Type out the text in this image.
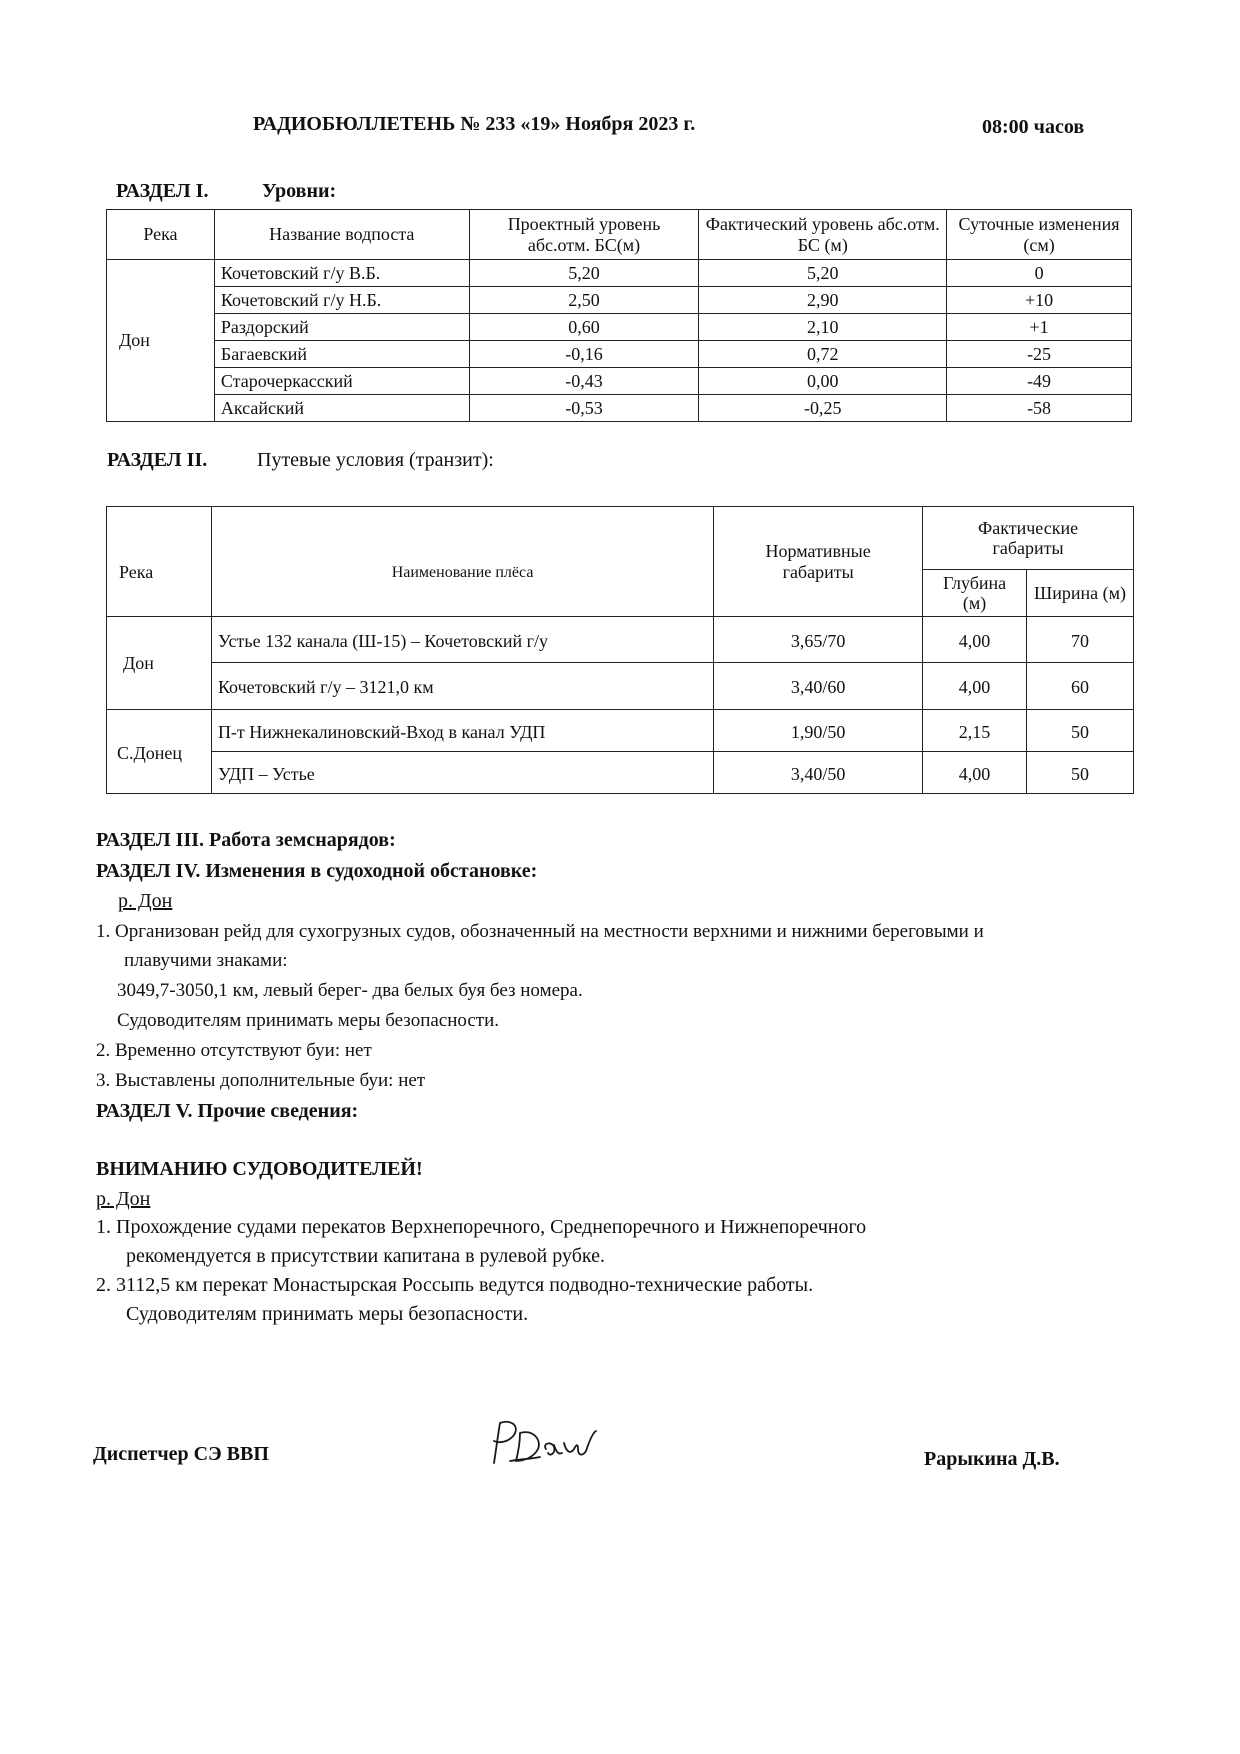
РАДИОБЮЛЛЕТЕНЬ № 233 «19» Ноября 2023 г.	08:00 часов
РАЗДЕЛ I.	Уровни:
Река	Название водпоста	Проектный уровень абс.отм. БС(м)	Фактический уровень абс.отм. БС (м)	Суточные изменения (см)
Дон	Кочетовский г/у В.Б.	5,20	5,20	0
	Кочетовский г/у Н.Б.	2,50	2,90	+10
	Раздорский	0,60	2,10	+1
	Багаевский	-0,16	0,72	-25
	Старочеркасский	-0,43	0,00	-49
	Аксайский	-0,53	-0,25	-58
РАЗДЕЛ II. Путевые условия (транзит):
Река	Наименование плёса	Нормативные габариты	Фактические габариты	
			Глубина (м)	Ширина (м)
Дон	Устье 132 канала (Ш-15) – Кочетовский г/у	3,65/70	4,00	70
	Кочетовский г/у – 3121,0 км	3,40/60	4,00	60
С.Донец	П-т Нижнекалиновский-Вход в канал УДП	1,90/50	2,15	50
	УДП – Устье	3,40/50	4,00	50
РАЗДЕЛ III. Работа земснарядов:
РАЗДЕЛ IV. Изменения в судоходной обстановке:
р. Дон
1. Организован рейд для сухогрузных судов, обозначенный на местности верхними и нижними береговыми и
плавучими знаками:
3049,7-3050,1 км, левый берег- два белых буя без номера.
Судоводителям принимать меры безопасности.
2. Временно отсутствуют буи: нет
3. Выставлены дополнительные буи: нет
РАЗДЕЛ V. Прочие сведения:
ВНИМАНИЮ СУДОВОДИТЕЛЕЙ!
р. Дон
1. Прохождение судами перекатов Верхнепоречного, Среднепоречного и Нижнепоречного
рекомендуется в присутствии капитана в рулевой рубке.
2. 3112,5 км перекат Монастырская Россыпь ведутся подводно-технические работы.
Судоводителям принимать меры безопасности.
Диспетчер СЭ ВВП	Рарыкина Д.В.
